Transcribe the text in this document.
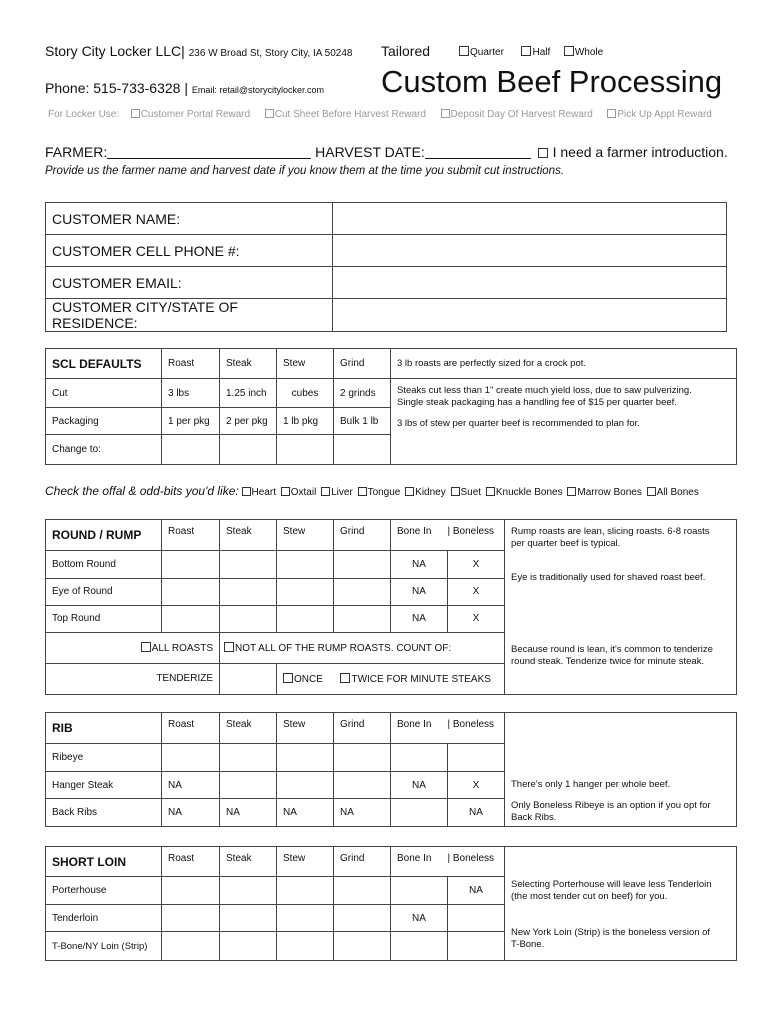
Story City Locker LLC| 236 W Broad St, Story City, IA 50248 Tailored	Quarter	Half Whole
Phone: 515-733-6328 | Email: retail@storycitylocker.com Custom Beef Processing
For Locker Use: Customer Portal Reward Cut Sheet Before Harvest Reward Deposit Day Of Harvest Reward Pick Up Appt Reward
FARMER:	HARVEST DATE:	I need a farmer introduction.
Provide us the farmer name and harvest date if you know them at the time you submit cut instructions.
CUSTOMER NAME:	
CUSTOMER CELL PHONE #:	
CUSTOMER EMAIL:	
CUSTOMER CITY/STATE OF RESIDENCE:	
SCL DEFAULTS	Roast	Steak	Stew	Grind	3 lb roasts are perfectly sized for a crock pot.
Cut	3 lbs	1.25 inch	cubes	2 grinds	Steaks cut less than 1" create much yield loss, due to saw pulverizing.
Single steak packaging has a handling fee of $15 per quarter beef.
3 lbs of stew per quarter beef is recommended to plan for.

Packaging	1 per pkg	2 per pkg	1 lb pkg	Bulk 1 lb	
Change to:					
Check the offal & odd-bits you'd like: Heart Oxtail Liver Tongue Kidney Suet Knuckle Bones Marrow Bones All Bones
ROUND / RUMP	Roast	Steak	Stew	Grind	Bone In	| Boneless	Rump roasts are lean, slicing roasts. 6-8 roasts
per quarter beef is typical.

Bottom Round					NA	X	Eye is traditionally used for shaved roast beef.
Eye of Round					NA	X	
Top Round					NA	X	Because round is lean, it's common to tenderize
round steak. Tenderize twice for minute steak.

ALL ROASTS		NOT ALL OF THE RUMP ROASTS. COUNT OF:					
TENDERIZE			ONCE TWICE FOR MINUTE STEAKS				
RIB	Roast	Steak	Stew	Grind	Bone In	| Boneless	
Ribeye							
Hanger Steak	NA				NA	X	There's only 1 hanger per whole beef.
Back Ribs	NA	NA	NA	NA		NA	Only Boneless Ribeye is an option if you opt for
Back Ribs.
SHORT LOIN	Roast	Steak	Stew	Grind	Bone In	| Boneless	
Porterhouse						NA	Selecting Porterhouse will leave less Tenderloin
(the most tender cut on beef) for you.

Tenderloin					NA		New York Loin (Strip) is the boneless version of
T-Bone.

T-Bone/NY Loin (Strip)							
